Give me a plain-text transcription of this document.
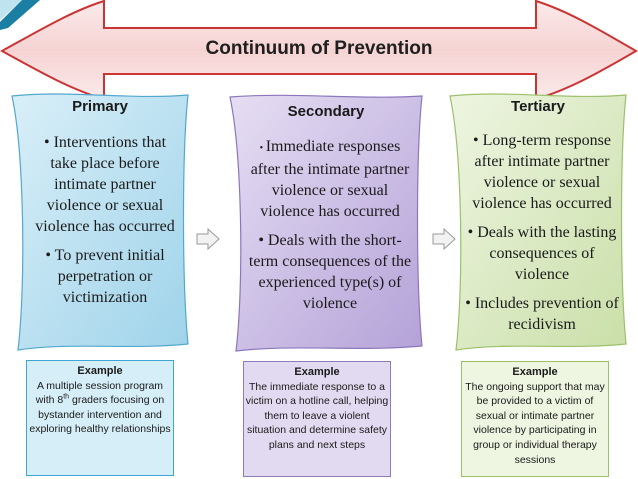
Continuum of Prevention
Primary

• Interventions that take place before intimate partner violence or sexual violence has occurred

• To prevent initial perpetration or victimization

Secondary

• Immediate responses after the intimate partner violence or sexual violence has occurred

• Deals with the short-term consequences of the experienced type(s) of violence

Tertiary

• Long-term response after intimate partner violence or sexual violence has occurred

• Deals with the lasting consequences of violence

• Includes prevention of recidivism

Example
A multiple session program with 8th graders focusing on bystander intervention and exploring healthy relationships
Example
The immediate response to a victim on a hotline call, helping them to leave a violent situation and determine safety plans and next steps
Example
The ongoing support that may be provided to a victim of sexual or intimate partner violence by participating in group or individual therapy sessions
